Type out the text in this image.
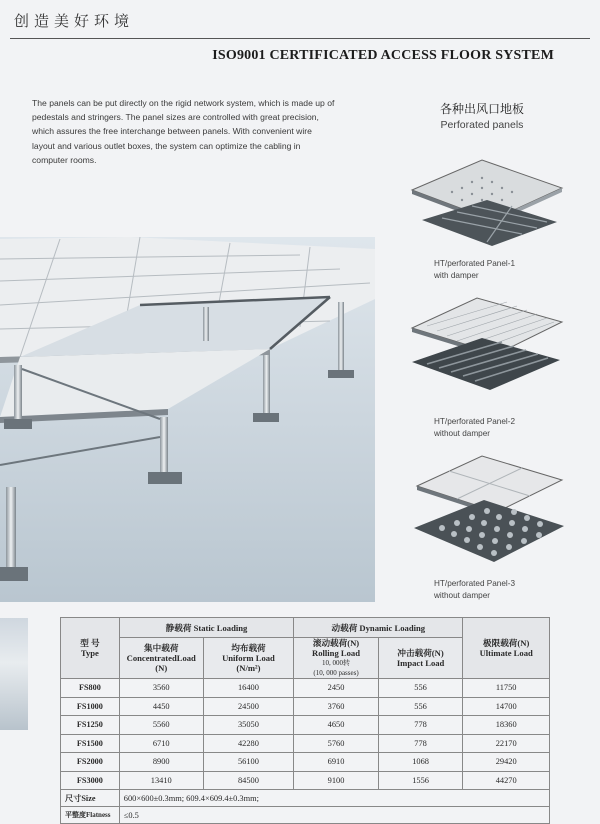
创造美好环境
ISO9001 CERTIFICATED ACCESS FLOOR SYSTEM
The panels can be put directly on the rigid network system, which is made up of pedestals and stringers. The panel sizes are controlled with great precision, which assures the free interchange between panels. With convenient wire layout and various outlet boxes, the system can optimize the cabling in computer rooms.
各种出风口地板
Perforated panels
HT/perforated Panel-1
with damper
HT/perforated Panel-2
without damper
HT/perforated Panel-3
without damper
型 号
Type	静载荷 Static Loading		动载荷 Dynamic Loading		极限载荷(N)
Ultimate Load
	集中载荷
ConcentratedLoad
(N)	均布载荷
Uniform Load
(N/m²)	滚动载荷(N)
Rolling Load
10, 000转
(10, 000 passes)	冲击载荷(N)
Impact Load	
FS800	3560	16400	2450	556	11750
FS1000	4450	24500	3760	556	14700
FS1250	5560	35050	4650	778	18360
FS1500	6710	42280	5760	778	22170
FS2000	8900	56100	6910	1068	29420
FS3000	13410	84500	9100	1556	44270
尺寸Size	600×600±0.3mm; 609.4×609.4±0.3mm;				
平整度Flatness	≤0.5				
